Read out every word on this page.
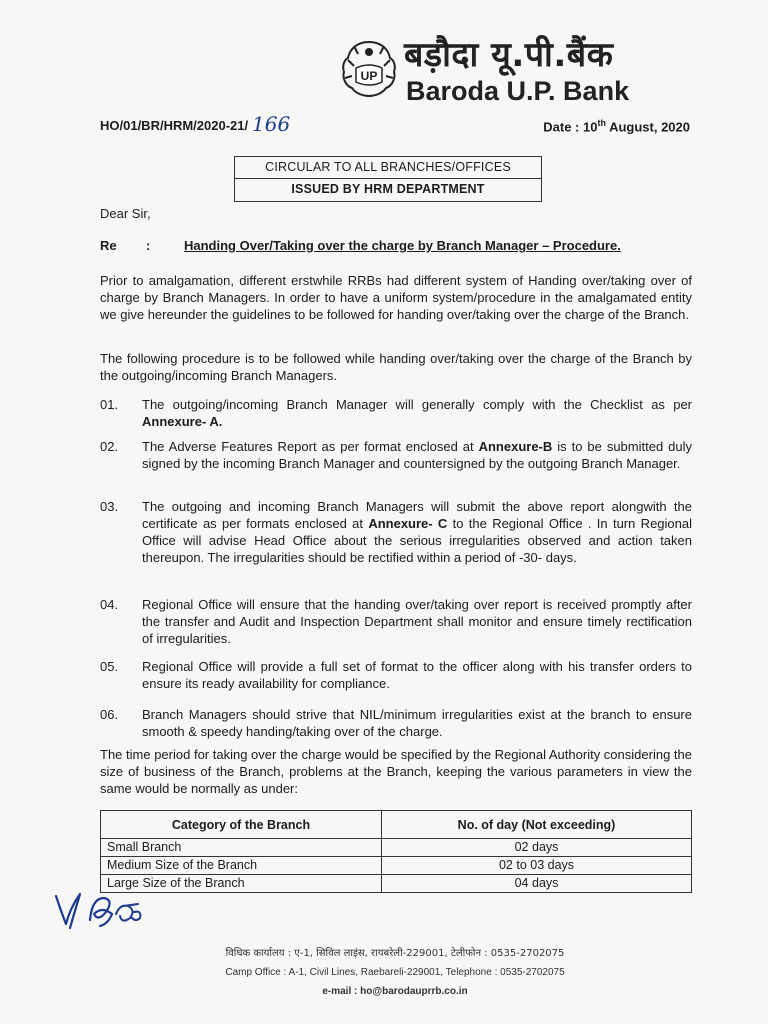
UP
बड़ौदा यू.पी.बैंक
Baroda U.P. Bank
HO/01/BR/HRM/2020-21/ 166	Date : 10th August, 2020
CIRCULAR TO ALL BRANCHES/OFFICES
ISSUED BY HRM DEPARTMENT
Dear Sir,
Re :	Handing Over/Taking over the charge by Branch Manager – Procedure.
Prior to amalgamation, different erstwhile RRBs had different system of Handing over/taking over of charge by Branch Managers. In order to have a uniform system/procedure in the amalgamated entity we give hereunder the guidelines to be followed for handing over/taking over the charge of the Branch.
The following procedure is to be followed while handing over/taking over the charge of the Branch by the outgoing/incoming Branch Managers.
01. The outgoing/incoming Branch Manager will generally comply with the Checklist as per Annexure- A.
02. The Adverse Features Report as per format enclosed at Annexure-B is to be submitted duly signed by the incoming Branch Manager and countersigned by the outgoing Branch Manager.
03. The outgoing and incoming Branch Managers will submit the above report alongwith the certificate as per formats enclosed at Annexure- C to the Regional Office . In turn Regional Office will advise Head Office about the serious irregularities observed and action taken thereupon. The irregularities should be rectified within a period of -30- days.
04. Regional Office will ensure that the handing over/taking over report is received promptly after the transfer and Audit and Inspection Department shall monitor and ensure timely rectification of irregularities.
05. Regional Office will provide a full set of format to the officer along with his transfer orders to ensure its ready availability for compliance.
06. Branch Managers should strive that NIL/minimum irregularities exist at the branch to ensure smooth & speedy handing/taking over of the charge.
The time period for taking over the charge would be specified by the Regional Authority considering the size of business of the Branch, problems at the Branch, keeping the various parameters in view the same would be normally as under:
Category of the Branch	No. of day (Not exceeding)
Small Branch	02 days
Medium Size of the Branch	02 to 03 days
Large Size of the Branch	04 days
विधिक कार्यालय : ए-1, सिविल लाइंस, रायबरेली-229001, टेलीफोन : 0535-2702075
Camp Office : A-1, Civil Lines, Raebareli-229001, Telephone : 0535-2702075
e-mail : ho@barodauprrb.co.in
